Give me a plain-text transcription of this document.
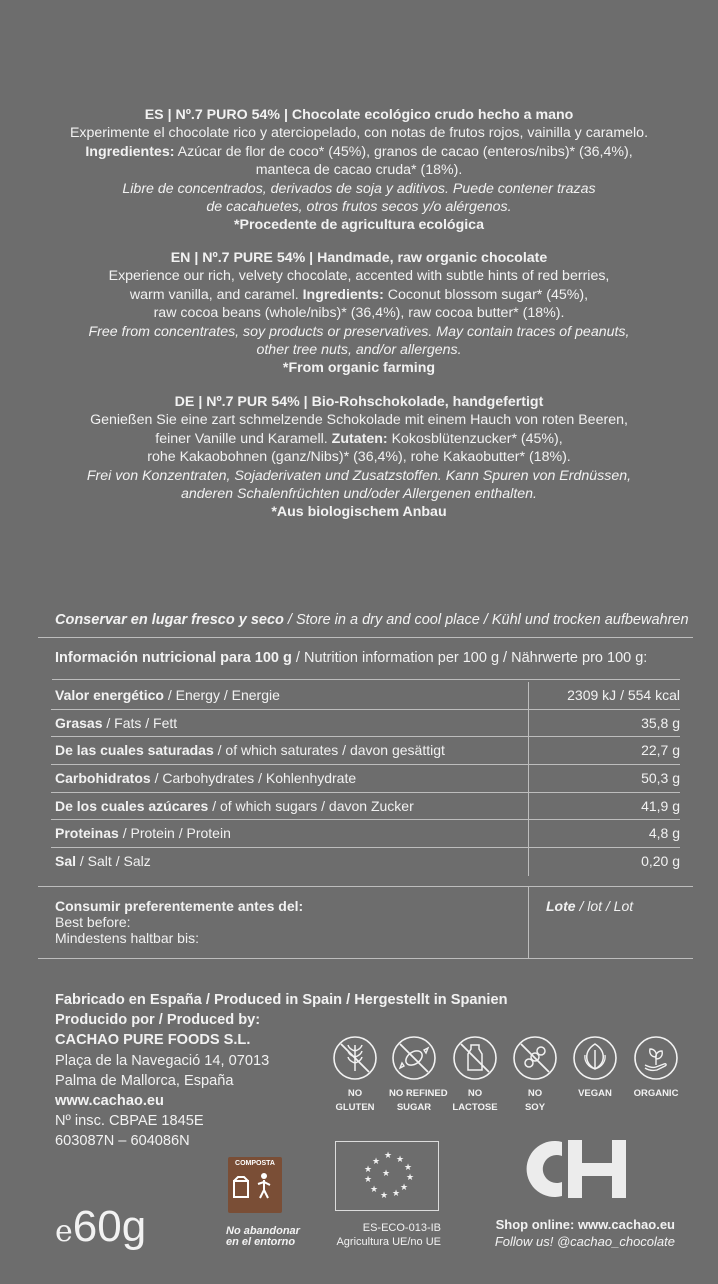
ES | Nº.7 PURO 54% | Chocolate ecológico crudo hecho a mano

Experimente el chocolate rico y aterciopelado, con notas de frutos rojos, vainilla y caramelo.

Ingredientes: Azúcar de flor de coco* (45%), granos de cacao (enteros/nibs)* (36,4%),

manteca de cacao cruda* (18%).

Libre de concentrados, derivados de soja y aditivos. Puede contener trazas

de cacahuetes, otros frutos secos y/o alérgenos.

*Procedente de agricultura ecológica

EN | Nº.7 PURE 54% | Handmade, raw organic chocolate

Experience our rich, velvety chocolate, accented with subtle hints of red berries,

warm vanilla, and caramel. Ingredients: Coconut blossom sugar* (45%),

raw cocoa beans (whole/nibs)* (36,4%), raw cocoa butter* (18%).

Free from concentrates, soy products or preservatives. May contain traces of peanuts,

other tree nuts, and/or allergens.

*From organic farming

DE | Nº.7 PUR 54% | Bio-Rohschokolade, handgefertigt

Genießen Sie eine zart schmelzende Schokolade mit einem Hauch von roten Beeren,

feiner Vanille und Karamell. Zutaten: Kokosblütenzucker* (45%),

rohe Kakaobohnen (ganz/Nibs)* (36,4%), rohe Kakaobutter* (18%).

Frei von Konzentraten, Sojaderivaten und Zusatzstoffen. Kann Spuren von Erdnüssen,

anderen Schalenfrüchten und/oder Allergenen enthalten.

*Aus biologischem Anbau

Conservar en lugar fresco y seco / Store in a dry and cool place / Kühl und trocken aufbewahren
Información nutricional para 100 g / Nutrition information per 100 g / Nährwerte pro 100 g:
Valor energético / Energy / Energie	2309 kJ / 554 kcal
Grasas / Fats / Fett	35,8 g
De las cuales saturadas / of which saturates / davon gesättigt	22,7 g
Carbohidratos / Carbohydrates / Kohlenhydrate	50,3 g
De los cuales azúcares / of which sugars / davon Zucker	41,9 g
Proteinas / Protein / Protein	4,8 g
Sal / Salt / Salz	0,20 g
Consumir preferentemente antes del:
Best before:
Mindestens haltbar bis:
Lote / lot / Lot
Fabricado en España / Produced in Spain / Hergestellt in Spanien
Producido por / Produced by:
CACHAO PURE FOODS S.L.
Plaça de la Navegació 14, 07013
Palma de Mallorca, España
www.cachao.eu
Nº insc. CBPAE 1845E
603087N – 604086N
NO
GLUTEN
NO REFINED
SUGAR
NO
LACTOSE
NO
SOY
VEGAN	ORGANIC
e60g
COMPOSTA
No abandonar
en el entorno
★ ★
★
★
★
★
★
★
★
★
★ ★
ES-ECO-013-IB
Agricultura UE/no UE
Shop online: www.cachao.eu
Follow us! @cachao_chocolate
